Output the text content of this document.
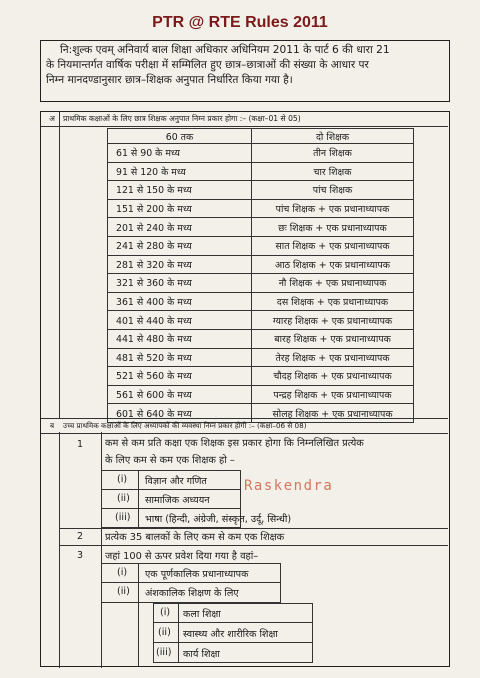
PTR @ RTE Rules 2011
नि:शुल्क एवम् अनिवार्य बाल शिक्षा अधिकार अधिनियम 2011 के पार्ट 6 की धारा 21
के नियमान्तर्गत वार्षिक परीक्षा में सम्मिलित हुए छात्र–छात्राओं की संख्या के आधार पर
निम्न मानदण्डानुसार छात्र–शिक्षक अनुपात निर्धारित किया गया है।
अ	प्राथमिक कक्षाओं के लिए छात्र शिक्षक अनुपात निम्न प्रकार होगा :– (कक्षा–01 से 05)
60 तक	दो शिक्षक
61 से 90 के मध्य	तीन शिक्षक
91 से 120 के मध्य	चार शिक्षक
121 से 150 के मध्य	पांच शिक्षक
151 से 200 के मध्य	पांच शिक्षक + एक प्रधानाध्यापक
201 से 240 के मध्य	छः शिक्षक + एक प्रधानाध्यापक
241 से 280 के मध्य	सात शिक्षक + एक प्रधानाध्यापक
281 से 320 के मध्य	आठ शिक्षक + एक प्रधानाध्यापक
321 से 360 के मध्य	नौ शिक्षक + एक प्रधानाध्यापक
361 से 400 के मध्य	दस शिक्षक + एक प्रधानाध्यापक
401 से 440 के मध्य	ग्यारह शिक्षक + एक प्रधानाध्यापक
441 से 480 के मध्य	बारह शिक्षक + एक प्रधानाध्यापक
481 से 520 के मध्य	तेरह शिक्षक + एक प्रधानाध्यापक
521 से 560 के मध्य	चौदह शिक्षक + एक प्रधानाध्यापक
561 से 600 के मध्य	पन्द्रह शिक्षक + एक प्रधानाध्यापक
601 से 640 के मध्य	सोलह शिक्षक + एक प्रधानाध्यापक
ब	उच्च प्राथमिक कक्षाओं के लिए अध्यापकों की व्यवस्था निम्न प्रकार होगी :– (कक्षा–06 से 08)
1	कम से कम प्रति कक्षा एक शिक्षक इस प्रकार होगा कि निम्नलिखित प्रत्येक
के लिए कम से कम एक शिक्षक हो –
(i) विज्ञान और गणित
(ii) सामाजिक अध्ययन
(iii) भाषा (हिन्दी, अंग्रेजी, संस्कृत, उर्दू, सिन्धी)
2	प्रत्येक 35 बालकों के लिए कम से कम एक शिक्षक
3	जहां 100 से ऊपर प्रवेश दिया गया है वहां–
(i) एक पूर्णकालिक प्रधानाध्यापक
(ii) अंशकालिक शिक्षण के लिए
(i) कला शिक्षा
(ii) स्वास्थ्य और शारीरिक शिक्षा
(iii) कार्य शिक्षा
Raskendra
